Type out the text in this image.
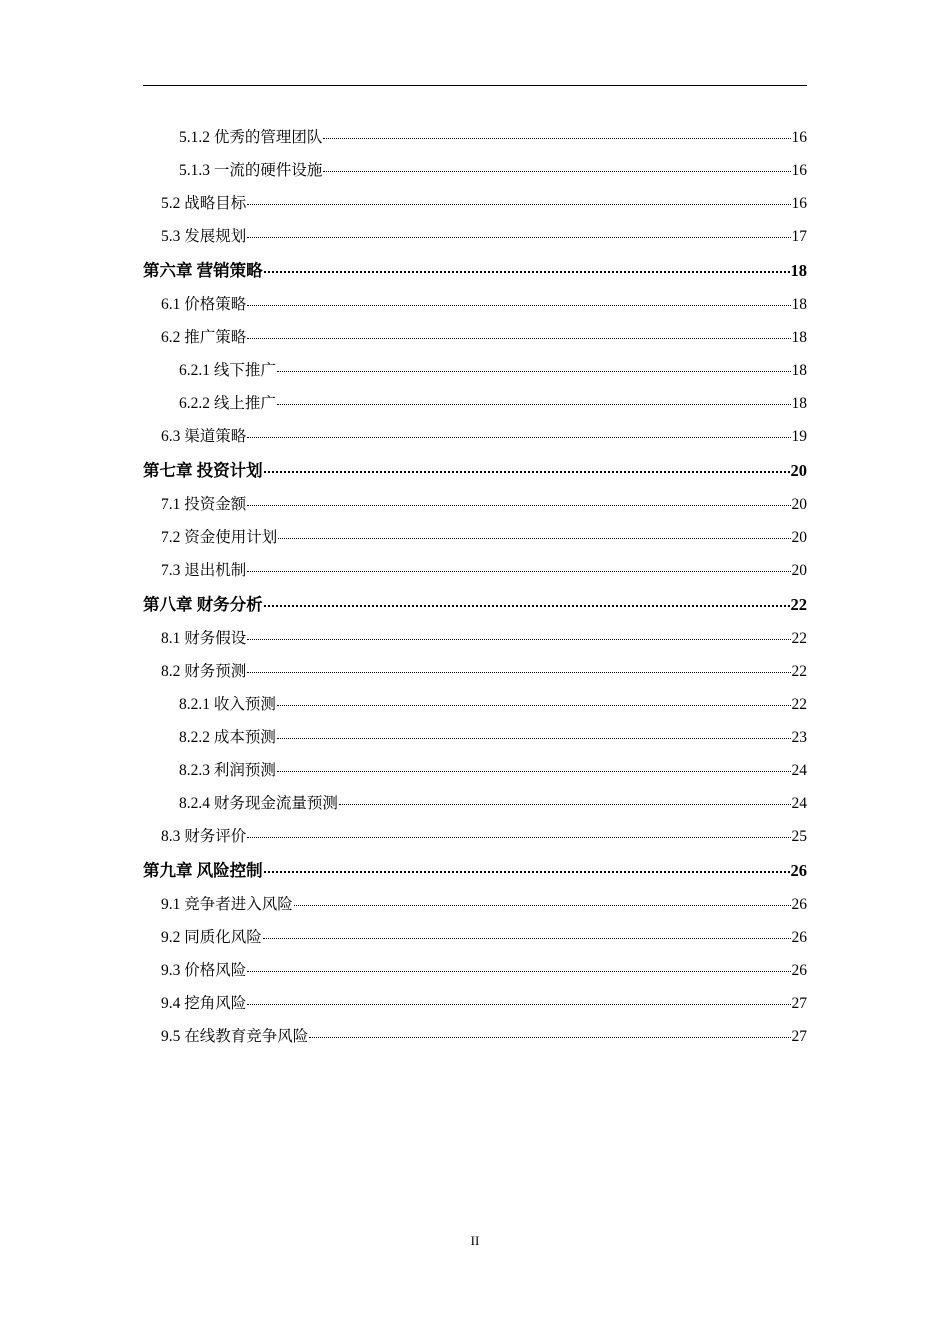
5.1.2 优秀的管理团队	16
5.1.3 一流的硬件设施	16
5.2 战略目标	16
5.3 发展规划	17
第六章 营销策略	18
6.1 价格策略	18
6.2 推广策略	18
6.2.1 线下推广	18
6.2.2 线上推广	18
6.3 渠道策略	19
第七章 投资计划	20
7.1 投资金额	20
7.2 资金使用计划	20
7.3 退出机制	20
第八章 财务分析	22
8.1 财务假设	22
8.2 财务预测	22
8.2.1 收入预测	22
8.2.2 成本预测	23
8.2.3 利润预测	24
8.2.4 财务现金流量预测	24
8.3 财务评价	25
第九章 风险控制	26
9.1 竞争者进入风险	26
9.2 同质化风险	26
9.3 价格风险	26
9.4 挖角风险	27
9.5 在线教育竞争风险	27
II
